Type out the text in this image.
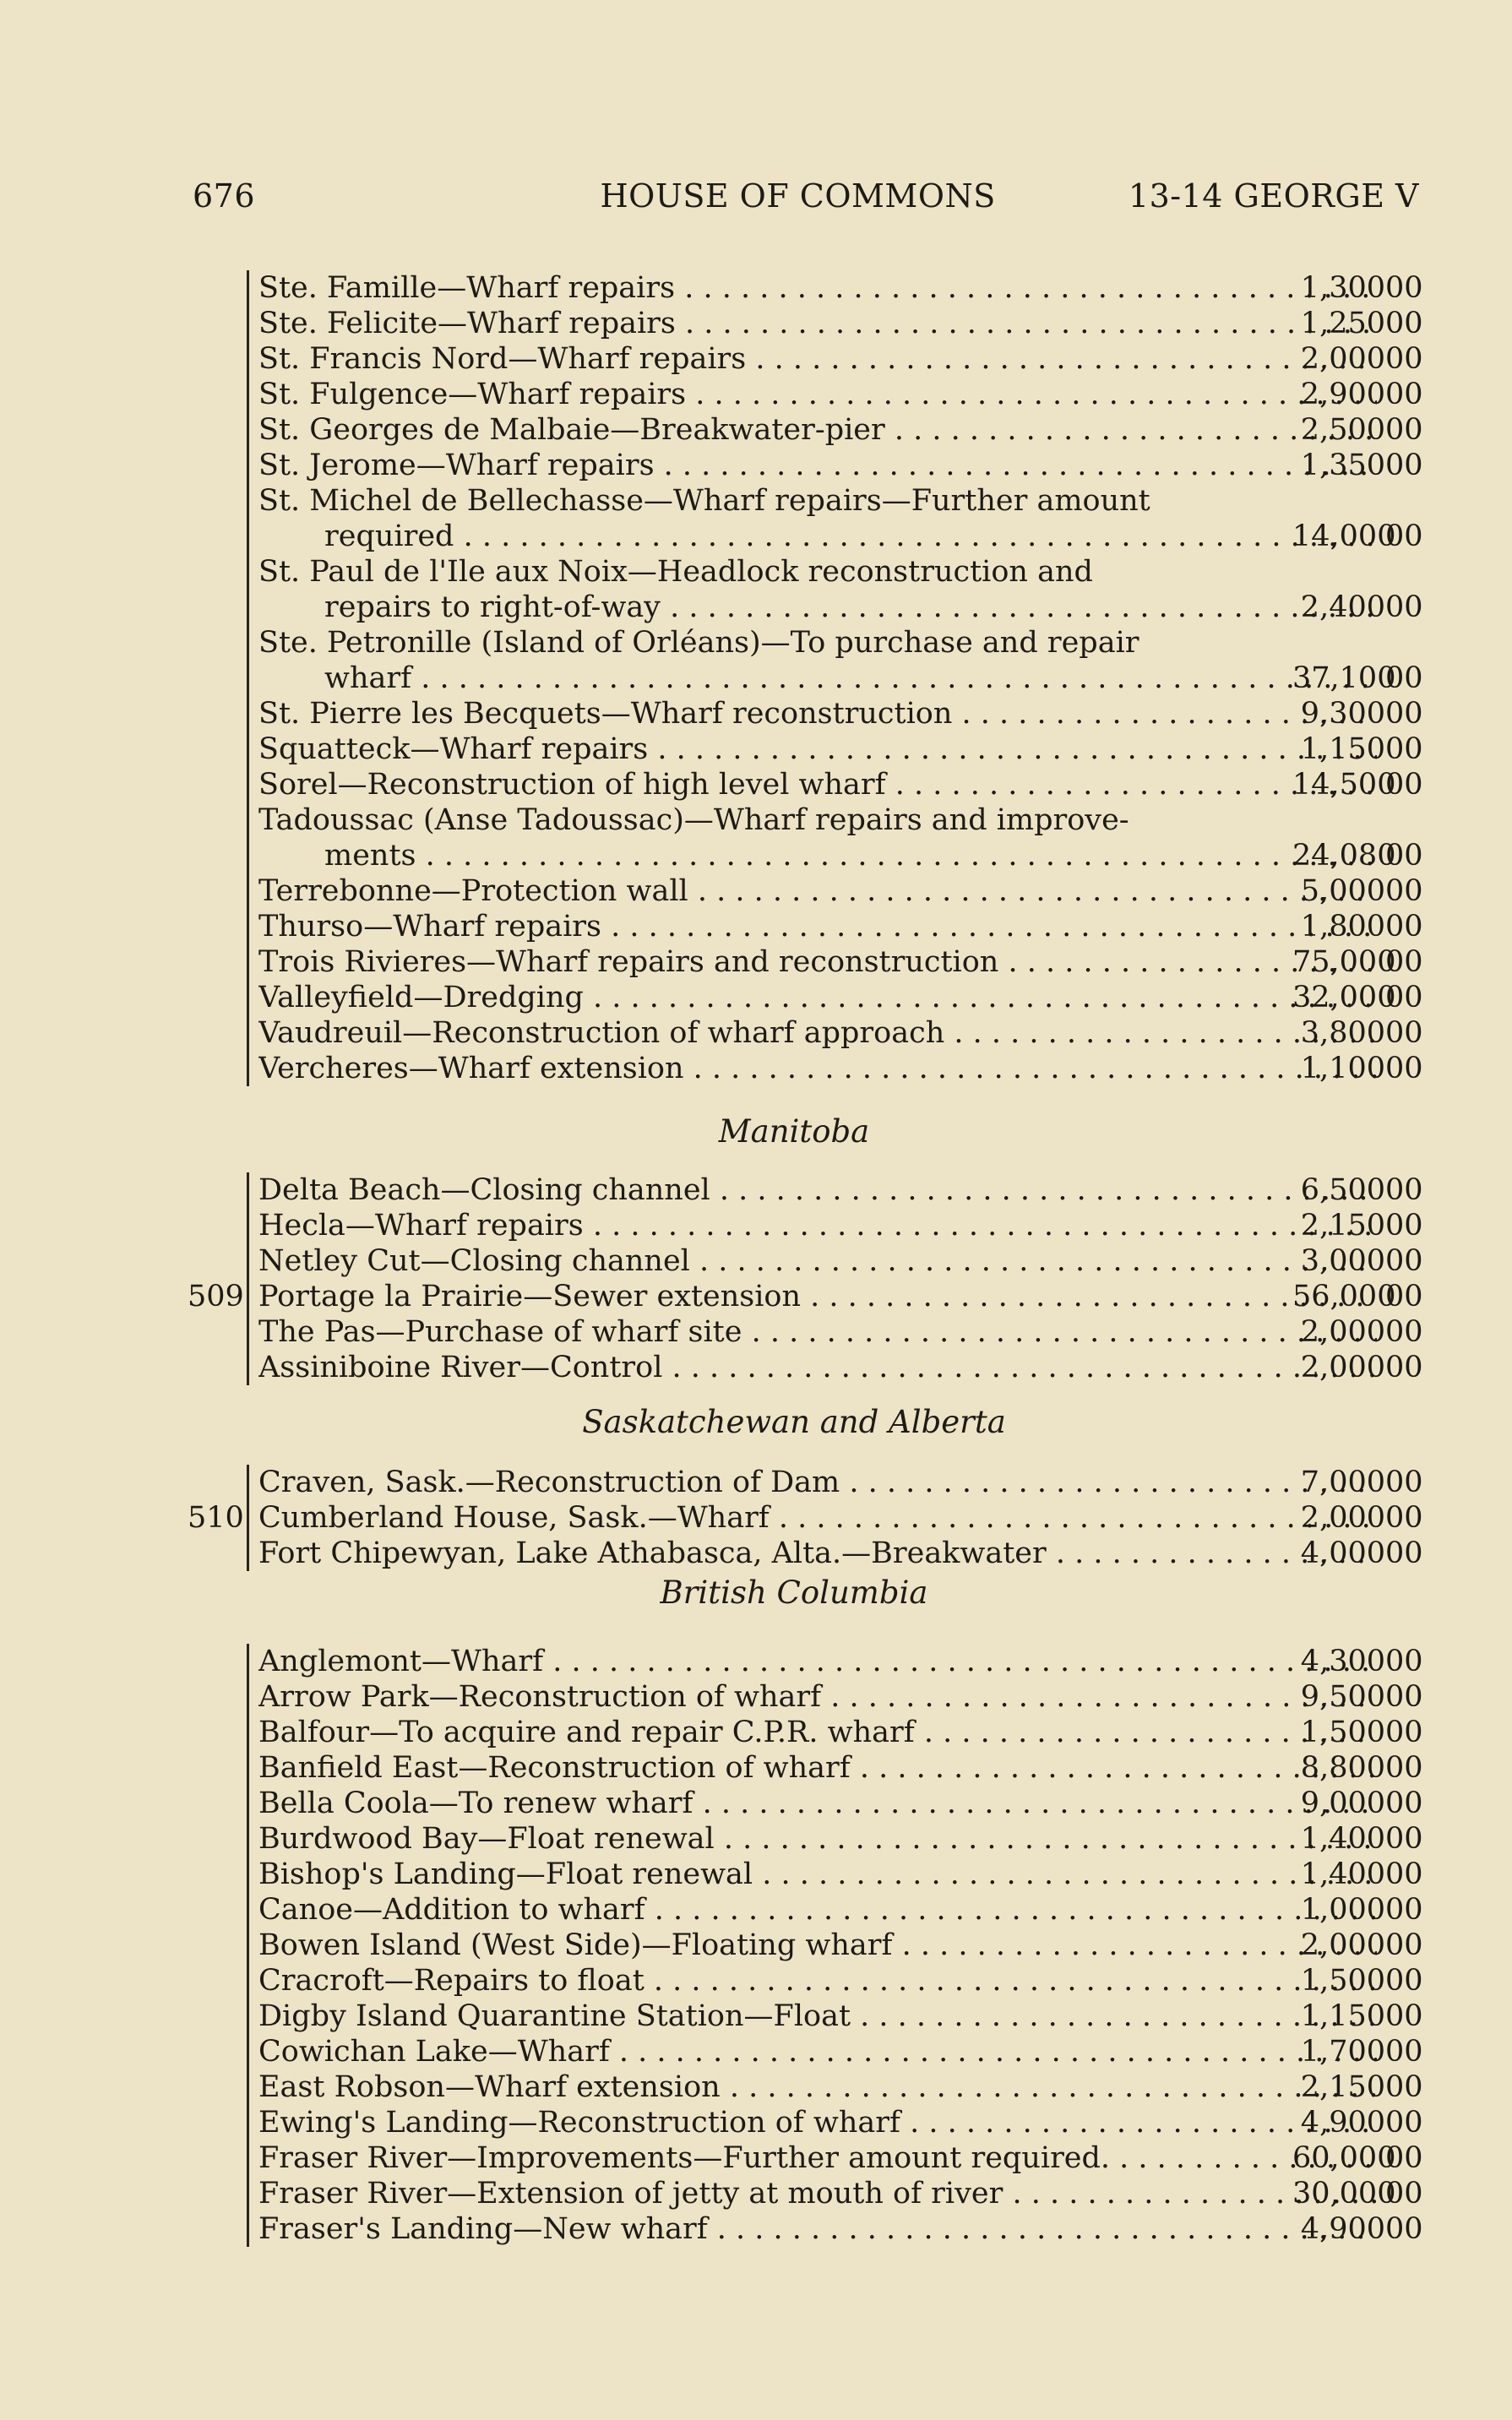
676	HOUSE OF COMMONS	13-14 GEORGE V
Ste. Famille—Wharf repairs . . .	1,30000
Ste. Felicite—Wharf repairs . . .	1,25000
St. Francis Nord—Wharf repairs . . .	2,00000
St. Fulgence—Wharf repairs . . .	2,90000
St. Georges de Malbaie—Breakwater-pier . . .	2,50000
St. Jerome—Wharf repairs . . .	1,35000
St. Michel de Bellechasse—Wharf repairs—Further amount
required . . .	14,00000
St. Paul de l'Ile aux Noix—Headlock reconstruction and
repairs to right-of-way . . .	2,40000
Ste. Petronille (Island of Orléans)—To purchase and repair
wharf . . .	37,10000
St. Pierre les Becquets—Wharf reconstruction . . .	9,30000
Squatteck—Wharf repairs . . .	1,15000
Sorel—Reconstruction of high level wharf . . .	14,50000
Tadoussac (Anse Tadoussac)—Wharf repairs and improve-
ments . . .	24,08000
Terrebonne—Protection wall . . .	5,00000
Thurso—Wharf repairs . . .	1,80000
Trois Rivieres—Wharf repairs and reconstruction . . .	75,00000
Valleyfield—Dredging . . .	32,00000
Vaudreuil—Reconstruction of wharf approach . . .	3,80000
Vercheres—Wharf extension . . .	1,10000
Manitoba
Delta Beach—Closing channel . . .	6,50000
Hecla—Wharf repairs . . .	2,15000
Netley Cut—Closing channel . . .	3,00000
Portage la Prairie—Sewer extension . . .	56,00000
The Pas—Purchase of wharf site . . .	2,00000
Assiniboine River—Control . . .	2,00000
509
Saskatchewan and Alberta
Craven, Sask.—Reconstruction of Dam . . .	7,00000
Cumberland House, Sask.—Wharf . . .	2,00000
Fort Chipewyan, Lake Athabasca, Alta.—Breakwater . . .	4,00000
510
British Columbia
Anglemont—Wharf . . .	4,30000
Arrow Park—Reconstruction of wharf . . .	9,50000
Balfour—To acquire and repair C.P.R. wharf . . .	1,50000
Banfield East—Reconstruction of wharf . . .	8,80000
Bella Coola—To renew wharf . . .	9,00000
Burdwood Bay—Float renewal . . .	1,40000
Bishop's Landing—Float renewal . . .	1,40000
Canoe—Addition to wharf . . .	1,00000
Bowen Island (West Side)—Floating wharf . . .	2,00000
Cracroft—Repairs to float . . .	1,50000
Digby Island Quarantine Station—Float . . .	1,15000
Cowichan Lake—Wharf . . .	1,70000
East Robson—Wharf extension . . .	2,15000
Ewing's Landing—Reconstruction of wharf . . .	4,90000
Fraser River—Improvements—Further amount required. . . .	60,00000
Fraser River—Extension of jetty at mouth of river . . .	30,00000
Fraser's Landing—New wharf . . .	4,90000
